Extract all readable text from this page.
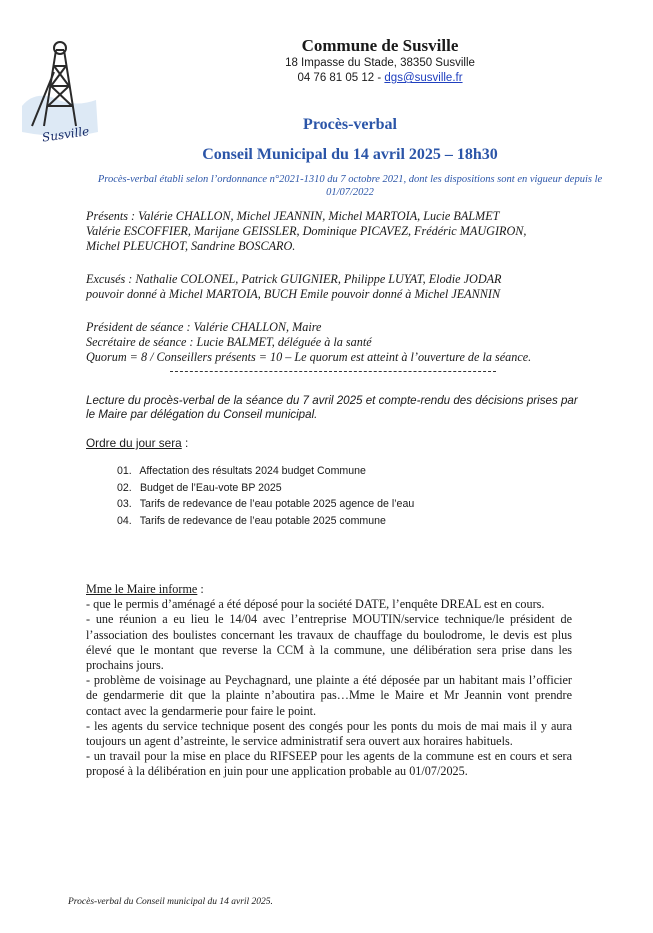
Susville
Commune de Susville
18 Impasse du Stade, 38350 Susville
04 76 81 05 12 - dgs@susville.fr
Procès-verbal
Conseil Municipal du 14 avril 2025 – 18h30
Procès-verbal établi selon l’ordonnance n°2021-1310 du 7 octobre 2021, dont les dispositions sont en vigueur depuis le 01/07/2022
Présents : Valérie CHALLON, Michel JEANNIN, Michel MARTOIA, Lucie BALMET
Valérie ESCOFFIER, Marijane GEISSLER, Dominique PICAVEZ, Frédéric MAUGIRON,
Michel PLEUCHOT, Sandrine BOSCARO.
Excusés : Nathalie COLONEL, Patrick GUIGNIER, Philippe LUYAT, Elodie JODAR
pouvoir donné à Michel MARTOIA, BUCH Emile pouvoir donné à Michel JEANNIN
Président de séance : Valérie CHALLON, Maire
Secrétaire de séance : Lucie BALMET, déléguée à la santé
Quorum = 8 / Conseillers présents = 10 – Le quorum est atteint à l’ouverture de la séance.
Lecture du procès-verbal de la séance du 7 avril 2025 et compte-rendu des décisions prises par le Maire par délégation du Conseil municipal.
Ordre du jour sera :
01. Affectation des résultats 2024 budget Commune
02. Budget de l’Eau-vote BP 2025
03. Tarifs de redevance de l’eau potable 2025 agence de l’eau
04. Tarifs de redevance de l’eau potable 2025 commune
Mme le Maire informe :

- que le permis d’aménagé a été déposé pour la société DATE, l’enquête DREAL est en cours.

- une réunion a eu lieu le 14/04 avec l’entreprise MOUTIN/service technique/le président de l’association des boulistes concernant les travaux de chauffage du boulodrome, le devis est plus élevé que le montant que reverse la CCM à la commune, une délibération sera prise dans les prochains jours.

- problème de voisinage au Peychagnard, une plainte a été déposée par un habitant mais l’officier de gendarmerie dit que la plainte n’aboutira pas…Mme le Maire et Mr Jeannin vont prendre contact avec la gendarmerie pour faire le point.

- les agents du service technique posent des congés pour les ponts du mois de mai mais il y aura toujours un agent d’astreinte, le service administratif sera ouvert aux horaires habituels.

- un travail pour la mise en place du RIFSEEP pour les agents de la commune est en cours et sera proposé à la délibération en juin pour une application probable au 01/07/2025.

Procès-verbal du Conseil municipal du 14 avril 2025.
